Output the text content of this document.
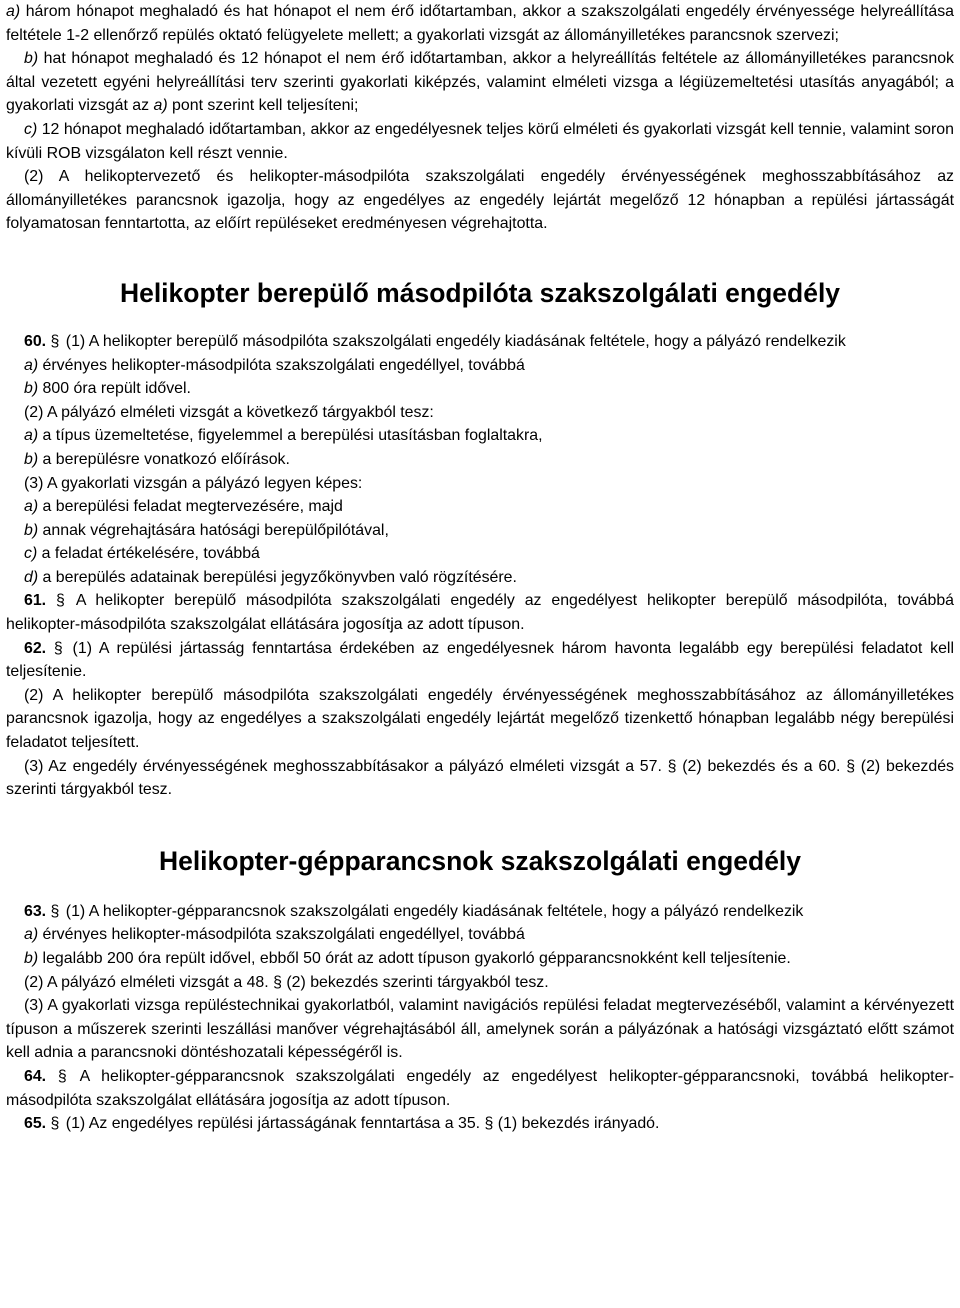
a) három hónapot meghaladó és hat hónapot el nem érő időtartamban, akkor a szakszolgálati engedély érvényessége helyreállítása feltétele 1-2 ellenőrző repülés oktató felügyelete mellett; a gyakorlati vizsgát az állományilletékes parancsnok szervezi;

b) hat hónapot meghaladó és 12 hónapot el nem érő időtartamban, akkor a helyreállítás feltétele az állományilletékes parancsnok által vezetett egyéni helyreállítási terv szerinti gyakorlati kiképzés, valamint elméleti vizsga a légiüzemeltetési utasítás anyagából; a gyakorlati vizsgát az a) pont szerint kell teljesíteni;

c) 12 hónapot meghaladó időtartamban, akkor az engedélyesnek teljes körű elméleti és gyakorlati vizsgát kell tennie, valamint soron kívüli ROB vizsgálaton kell részt vennie.

(2) A helikoptervezető és helikopter-másodpilóta szakszolgálati engedély érvényességének meghosszabbításához az állományilletékes parancsnok igazolja, hogy az engedélyes az engedély lejártát megelőző 12 hónapban a repülési jártasságát folyamatosan fenntartotta, az előírt repüléseket eredményesen végrehajtotta.

Helikopter berepülő másodpilóta szakszolgálati engedély

60. § (1) A helikopter berepülő másodpilóta szakszolgálati engedély kiadásának feltétele, hogy a pályázó rendelkezik

a) érvényes helikopter-másodpilóta szakszolgálati engedéllyel, továbbá

b) 800 óra repült idővel.

(2) A pályázó elméleti vizsgát a következő tárgyakból tesz:

a) a típus üzemeltetése, figyelemmel a berepülési utasításban foglaltakra,

b) a berepülésre vonatkozó előírások.

(3) A gyakorlati vizsgán a pályázó legyen képes:

a) a berepülési feladat megtervezésére, majd

b) annak végrehajtására hatósági berepülőpilótával,

c) a feladat értékelésére, továbbá

d) a berepülés adatainak berepülési jegyzőkönyvben való rögzítésére.

61. § A helikopter berepülő másodpilóta szakszolgálati engedély az engedélyest helikopter berepülő másodpilóta, továbbá helikopter-másodpilóta szakszolgálat ellátására jogosítja az adott típuson.

62. § (1) A repülési jártasság fenntartása érdekében az engedélyesnek három havonta legalább egy berepülési feladatot kell teljesítenie.

(2) A helikopter berepülő másodpilóta szakszolgálati engedély érvényességének meghosszabbításához az állományilletékes parancsnok igazolja, hogy az engedélyes a szakszolgálati engedély lejártát megelőző tizenkettő hónapban legalább négy berepülési feladatot teljesített.

(3) Az engedély érvényességének meghosszabbításakor a pályázó elméleti vizsgát a 57. § (2) bekezdés és a 60. § (2) bekezdés szerinti tárgyakból tesz.

Helikopter-gépparancsnok szakszolgálati engedély

63. § (1) A helikopter-gépparancsnok szakszolgálati engedély kiadásának feltétele, hogy a pályázó rendelkezik

a) érvényes helikopter-másodpilóta szakszolgálati engedéllyel, továbbá

b) legalább 200 óra repült idővel, ebből 50 órát az adott típuson gyakorló gépparancsnokként kell teljesítenie.

(2) A pályázó elméleti vizsgát a 48. § (2) bekezdés szerinti tárgyakból tesz.

(3) A gyakorlati vizsga repüléstechnikai gyakorlatból, valamint navigációs repülési feladat megtervezéséből, valamint a kérvényezett típuson a műszerek szerinti leszállási manőver végrehajtásából áll, amelynek során a pályázónak a hatósági vizsgáztató előtt számot kell adnia a parancsnoki döntéshozatali képességéről is.

64. § A helikopter-gépparancsnok szakszolgálati engedély az engedélyest helikopter-gépparancsnoki, továbbá helikopter-másodpilóta szakszolgálat ellátására jogosítja az adott típuson.

65. § (1) Az engedélyes repülési jártasságának fenntartása a 35. § (1) bekezdés irányadó.
